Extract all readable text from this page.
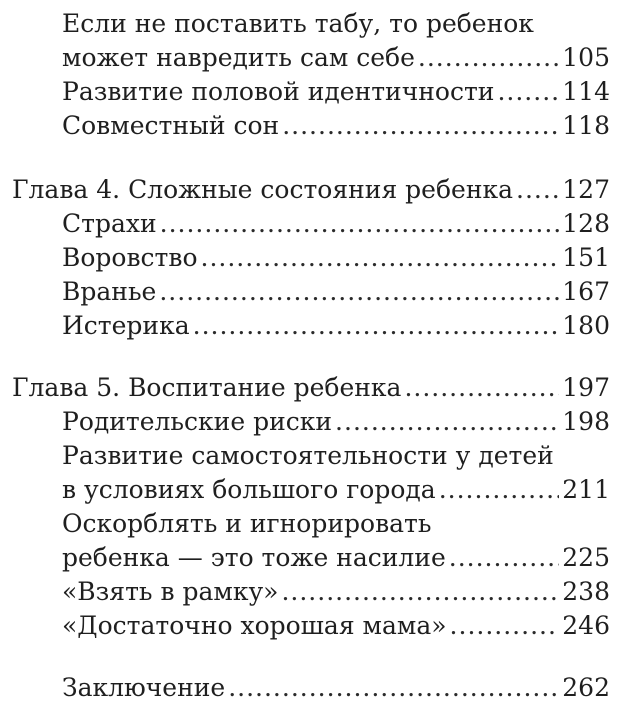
Если не поставить табу, то ребенок
может навредить сам себе .....	105
Развитие половой идентичности .....	114
Совместный сон .....	118
Глава 4. Сложные состояния ребенка ..... 127
Страхи .....	128
Воровство .....	151
Вранье .....	167
Истерика .....	180
Глава 5. Воспитание ребенка .....	197
Родительские риски .....	198
Развитие самостоятельности у детей
в условиях большого города .....	211
Оскорблять и игнорировать
ребенка — это тоже насилие .....	225
«Взять в рамку» .....	238
«Достаточно хорошая мама» .....	246
Заключение .....	262
